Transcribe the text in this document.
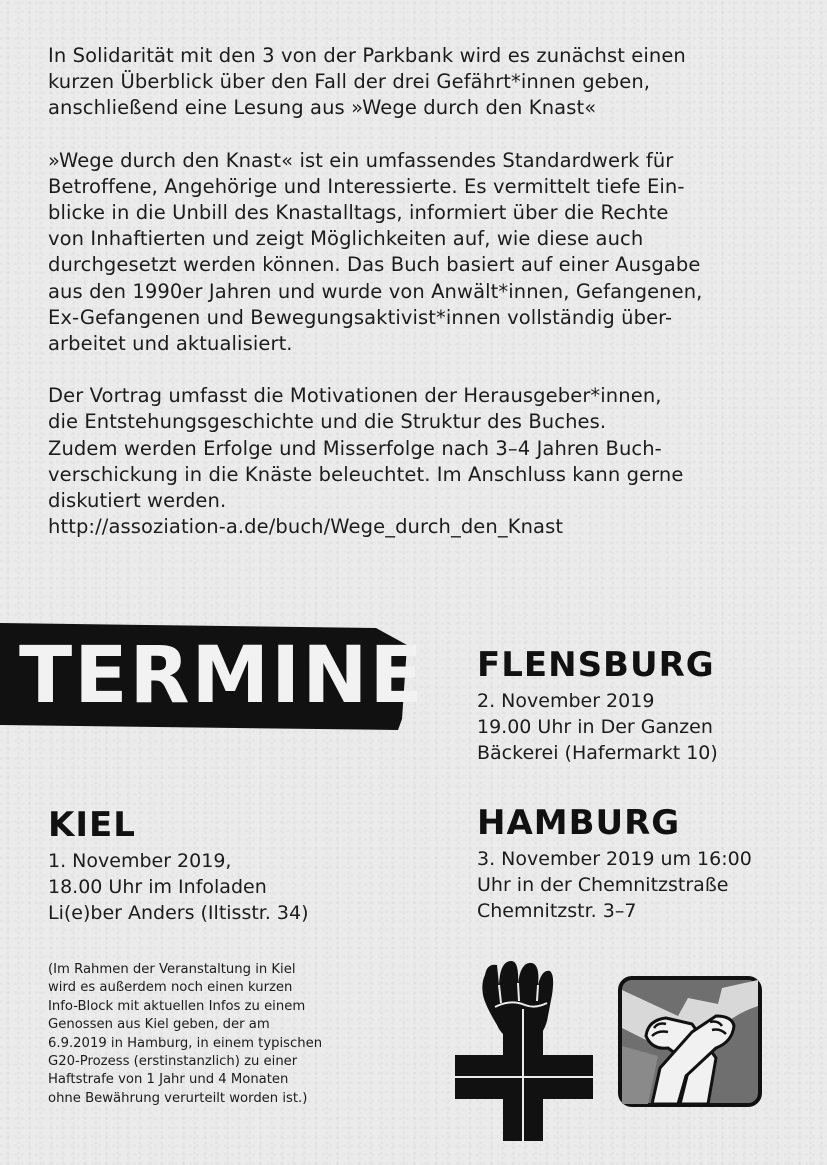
In Solidarität mit den 3 von der Parkbank wird es zunächst einen
kurzen Überblick über den Fall der drei Gefährt*innen geben,
anschließend eine Lesung aus »Wege durch den Knast«

»Wege durch den Knast« ist ein umfassendes Standardwerk für
Betroffene, Angehörige und Interessierte. Es vermittelt tiefe Ein-
blicke in die Unbill des Knastalltags, informiert über die Rechte
von Inhaftierten und zeigt Möglichkeiten auf, wie diese auch
durchgesetzt werden können. Das Buch basiert auf einer Ausgabe
aus den 1990er Jahren und wurde von Anwält*innen, Gefangenen,
Ex-Gefangenen und Bewegungsaktivist*innen vollständig über-
arbeitet und aktualisiert.

Der Vortrag umfasst die Motivationen der Herausgeber*innen,
die Entstehungsgeschichte und die Struktur des Buches.
Zudem werden Erfolge und Misserfolge nach 3–4 Jahren Buch-
verschickung in die Knäste beleuchtet. Im Anschluss kann gerne
diskutiert werden.

http://assoziation-a.de/buch/Wege_durch_den_Knast

TERMINE FLENSBURG
2. November 2019
19.00 Uhr in Der Ganzen
Bäckerei (Hafermarkt 10)
KIEL
1. November 2019,
18.00 Uhr im Infoladen
Li(e)ber Anders (Iltisstr. 34)
HAMBURG
3. November 2019 um 16:00
Uhr in der Chemnitzstraße
Chemnitzstr. 3–7
(Im Rahmen der Veranstaltung in Kiel
wird es außerdem noch einen kurzen
Info-Block mit aktuellen Infos zu einem
Genossen aus Kiel geben, der am
6.9.2019 in Hamburg, in einem typischen
G20-Prozess (erstinstanzlich) zu einer
Haftstrafe von 1 Jahr und 4 Monaten
ohne Bewährung verurteilt worden ist.)
